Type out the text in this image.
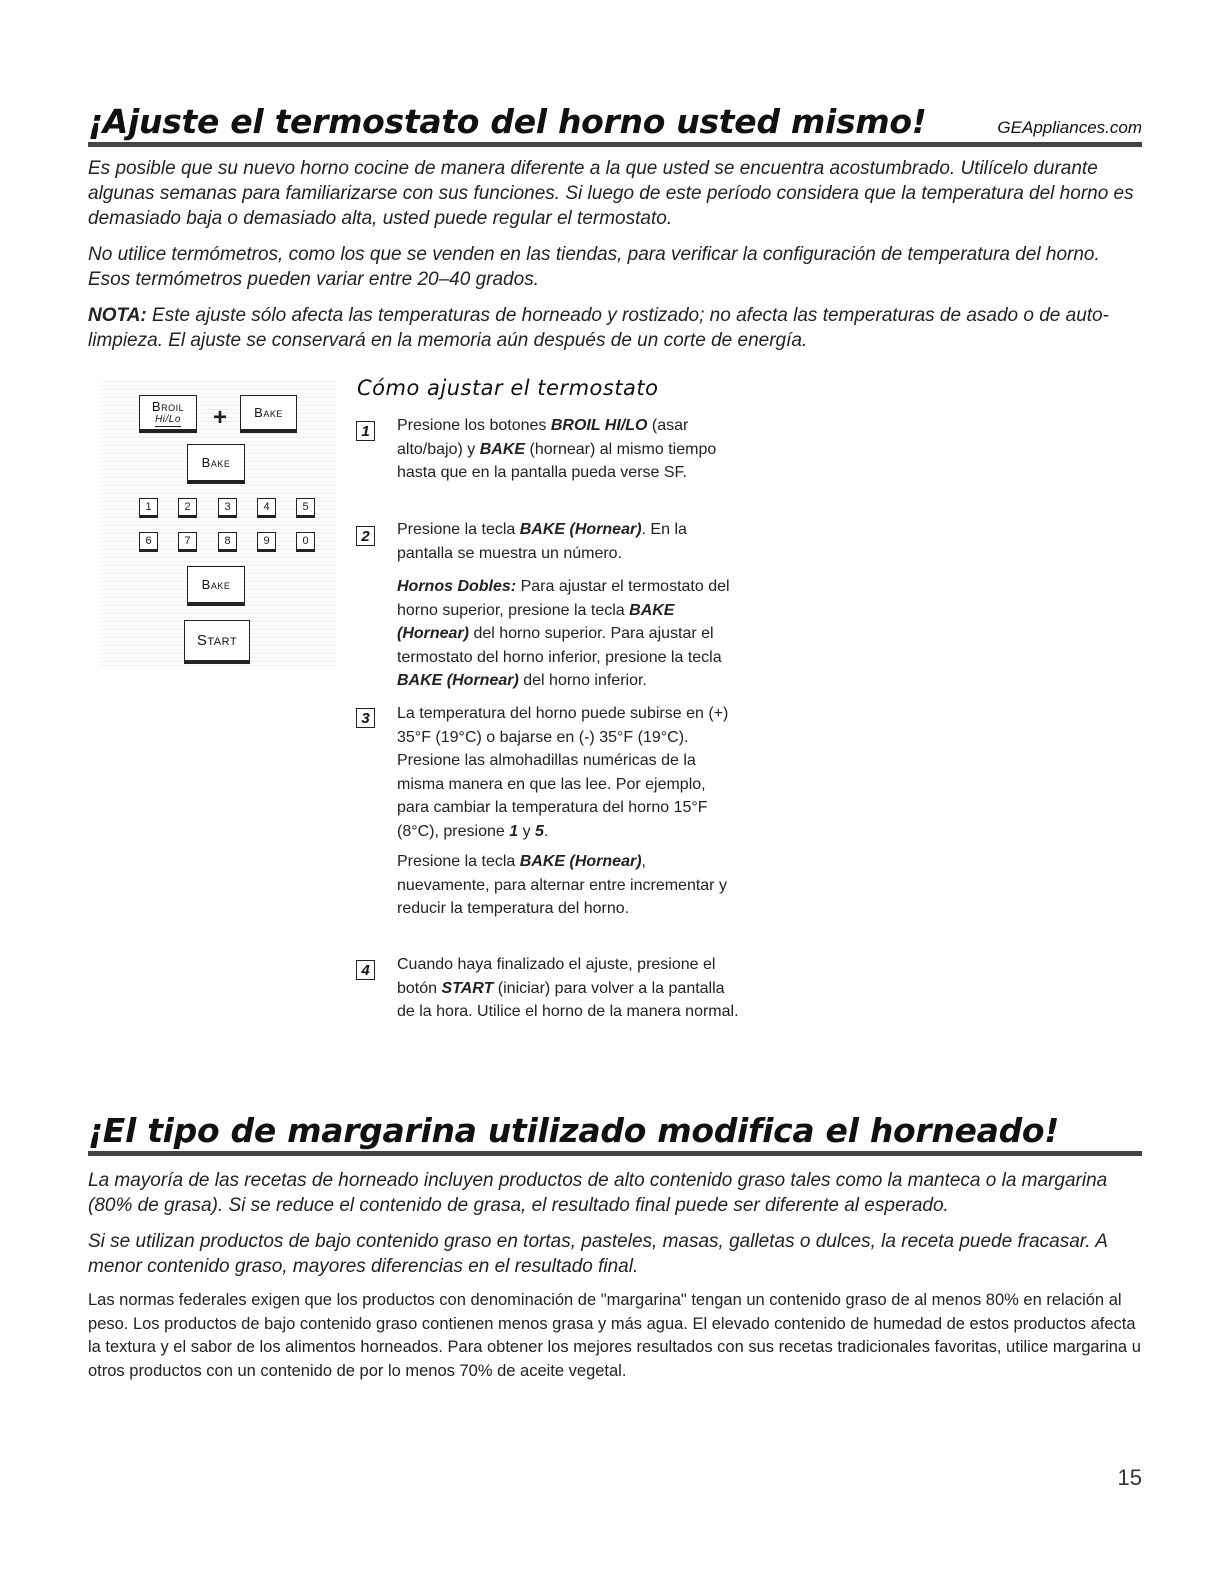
¡Ajuste el termostato del horno usted mismo!	GEAppliances.com

Es posible que su nuevo horno cocine de manera diferente a la que usted se encuentra acostumbrado. Utilícelo durante algunas semanas para familiarizarse con sus funciones. Si luego de este período considera que la temperatura del horno es demasiado baja o demasiado alta, usted puede regular el termostato.

No utilice termómetros, como los que se venden en las tiendas, para verificar la configuración de temperatura del horno. Esos termómetros pueden variar entre 20–40 grados.

NOTA: Este ajuste sólo afecta las temperaturas de horneado y rostizado; no afecta las temperaturas de asado o de auto-limpieza. El ajuste se conservará en la memoria aún después de un corte de energía.

Broil
Hi/Lo +	Bake
Bake
1	2	3	4	5
6	7	8	9	0
Bake
Start
Cómo ajustar el termostato
1	Presione los botones BROIL HI/LO (asar alto/bajo) y BAKE (hornear) al mismo tiempo hasta que en la pantalla pueda verse SF.

2	Presione la tecla BAKE (Hornear). En la pantalla se muestra un número.

Hornos Dobles: Para ajustar el termostato del horno superior, presione la tecla BAKE (Hornear) del horno superior. Para ajustar el termostato del horno inferior, presione la tecla BAKE (Hornear) del horno inferior.

3	La temperatura del horno puede subirse en (+) 35°F (19°C) o bajarse en (-) 35°F (19°C). Presione las almohadillas numéricas de la misma manera en que las lee. Por ejemplo, para cambiar la temperatura del horno 15°F (8°C), presione 1 y 5.

Presione la tecla BAKE (Hornear), nuevamente, para alternar entre incrementar y reducir la temperatura del horno.

4	Cuando haya finalizado el ajuste, presione el botón START (iniciar) para volver a la pantalla de la hora. Utilice el horno de la manera normal.

¡El tipo de margarina utilizado modifica el horneado!

La mayoría de las recetas de horneado incluyen productos de alto contenido graso tales como la manteca o la margarina (80% de grasa). Si se reduce el contenido de grasa, el resultado final puede ser diferente al esperado.

Si se utilizan productos de bajo contenido graso en tortas, pasteles, masas, galletas o dulces, la receta puede fracasar. A menor contenido graso, mayores diferencias en el resultado final.

Las normas federales exigen que los productos con denominación de "margarina" tengan un contenido graso de al menos 80% en relación al peso. Los productos de bajo contenido graso contienen menos grasa y más agua. El elevado contenido de humedad de estos productos afecta la textura y el sabor de los alimentos horneados. Para obtener los mejores resultados con sus recetas tradicionales favoritas, utilice margarina u otros productos con un contenido de por lo menos 70% de aceite vegetal.

15
